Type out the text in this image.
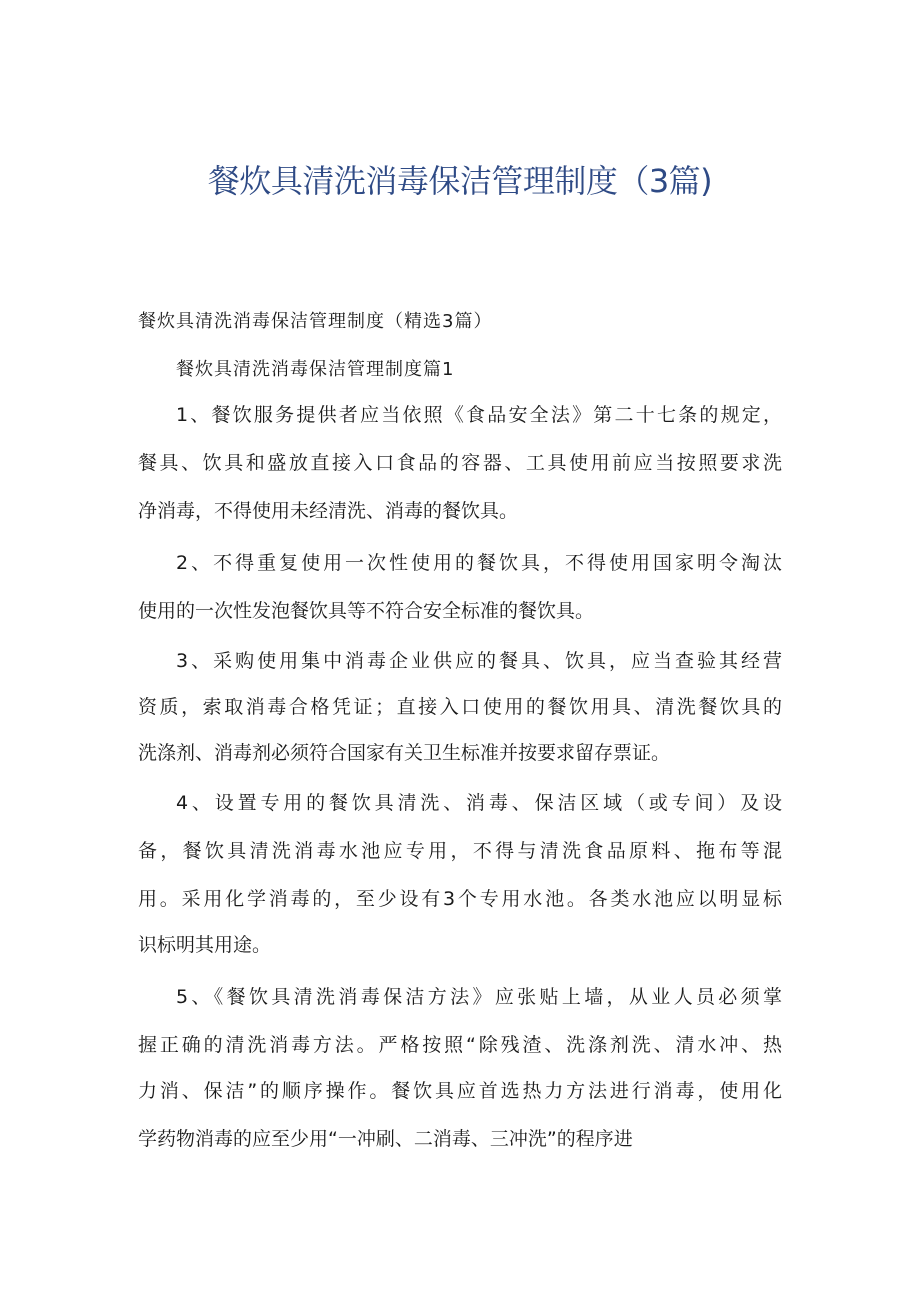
餐炊具清洗消毒保洁管理制度（3篇)
餐炊具清洗消毒保洁管理制度（精选3篇）
餐炊具清洗消毒保洁管理制度篇1
1、餐饮服务提供者应当依照《食品安全法》第二十七条的规定，
餐具、饮具和盛放直接入口食品的容器、工具使用前应当按照要求洗
净消毒，不得使用未经清洗、消毒的餐饮具。
2、不得重复使用一次性使用的餐饮具，不得使用国家明令淘汰
使用的一次性发泡餐饮具等不符合安全标准的餐饮具。
3、采购使用集中消毒企业供应的餐具、饮具，应当查验其经营
资质，索取消毒合格凭证；直接入口使用的餐饮用具、清洗餐饮具的
洗涤剂、消毒剂必须符合国家有关卫生标准并按要求留存票证。
4、设置专用的餐饮具清洗、消毒、保洁区域（或专间）及设
备，餐饮具清洗消毒水池应专用，不得与清洗食品原料、拖布等混
用。采用化学消毒的，至少设有3个专用水池。各类水池应以明显标
识标明其用途。
5、《餐饮具清洗消毒保洁方法》应张贴上墙，从业人员必须掌
握正确的清洗消毒方法。严格按照“除残渣、洗涤剂洗、清水冲、热
力消、保洁”的顺序操作。餐饮具应首选热力方法进行消毒，使用化
学药物消毒的应至少用“一冲刷、二消毒、三冲洗”的程序进
